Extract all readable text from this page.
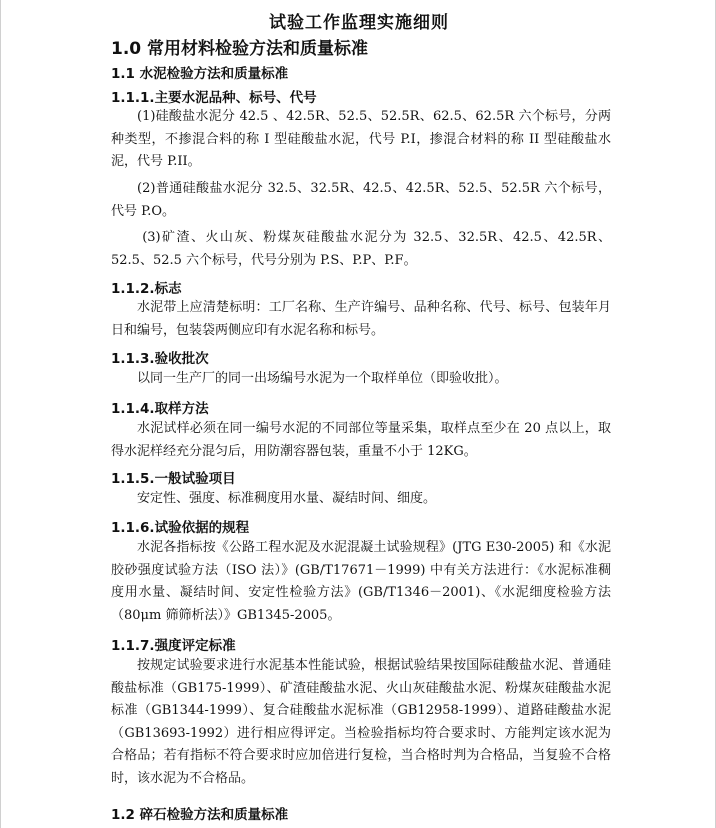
试验工作监理实施细则
1.0 常用材料检验方法和质量标准
1.1 水泥检验方法和质量标准
1.1.1.主要水泥品种、标号、代号

(1)硅酸盐水泥分 42.5 、42.5R、52.5、52.5R、62.5、62.5R 六个标号，分两种类型，不掺混合料的称 I 型硅酸盐水泥，代号 P.I，掺混合材料的称 II 型硅酸盐水泥，代号 P.II。

(2)普通硅酸盐水泥分 32.5、32.5R、42.5、42.5R、52.5、52.5R 六个标号，代号 P.O。

(3)矿渣、火山灰、粉煤灰硅酸盐水泥分为 32.5、32.5R、42.5、42.5R、52.5、52.5 六个标号，代号分别为 P.S、P.P、P.F。

1.1.2.标志

水泥带上应清楚标明：工厂名称、生产许编号、品种名称、代号、标号、包装年月日和编号，包装袋两侧应印有水泥名称和标号。

1.1.3.验收批次

以同一生产厂的同一出场编号水泥为一个取样单位（即验收批）。

1.1.4.取样方法

水泥试样必须在同一编号水泥的不同部位等量采集，取样点至少在 20 点以上，取得水泥样经充分混匀后，用防潮容器包装，重量不小于 12KG。

1.1.5.一般试验项目

安定性、强度、标准稠度用水量、凝结时间、细度。

1.1.6.试验依据的规程

水泥各指标按《公路工程水泥及水泥混凝土试验规程》(JTG E30-2005) 和《水泥胶砂强度试验方法（ISO 法）》(GB/T17671－1999) 中有关方法进行：《水泥标准稠度用水量、凝结时间、安定性检验方法》(GB/T1346－2001)、《水泥细度检验方法（80μm 筛筛析法）》GB1345-2005。

1.1.7.强度评定标准

按规定试验要求进行水泥基本性能试验，根据试验结果按国际硅酸盐水泥、普通硅酸盐标准（GB175-1999）、矿渣硅酸盐水泥、火山灰硅酸盐水泥、粉煤灰硅酸盐水泥标准（GB1344-1999）、复合硅酸盐水泥标准（GB12958-1999）、道路硅酸盐水泥（GB13693-1992）进行相应得评定。当检验指标均符合要求时、方能判定该水泥为合格品；若有指标不符合要求时应加倍进行复检，当合格时判为合格品，当复验不合格时，该水泥为不合格品。

1.2 碎石检验方法和质量标准
